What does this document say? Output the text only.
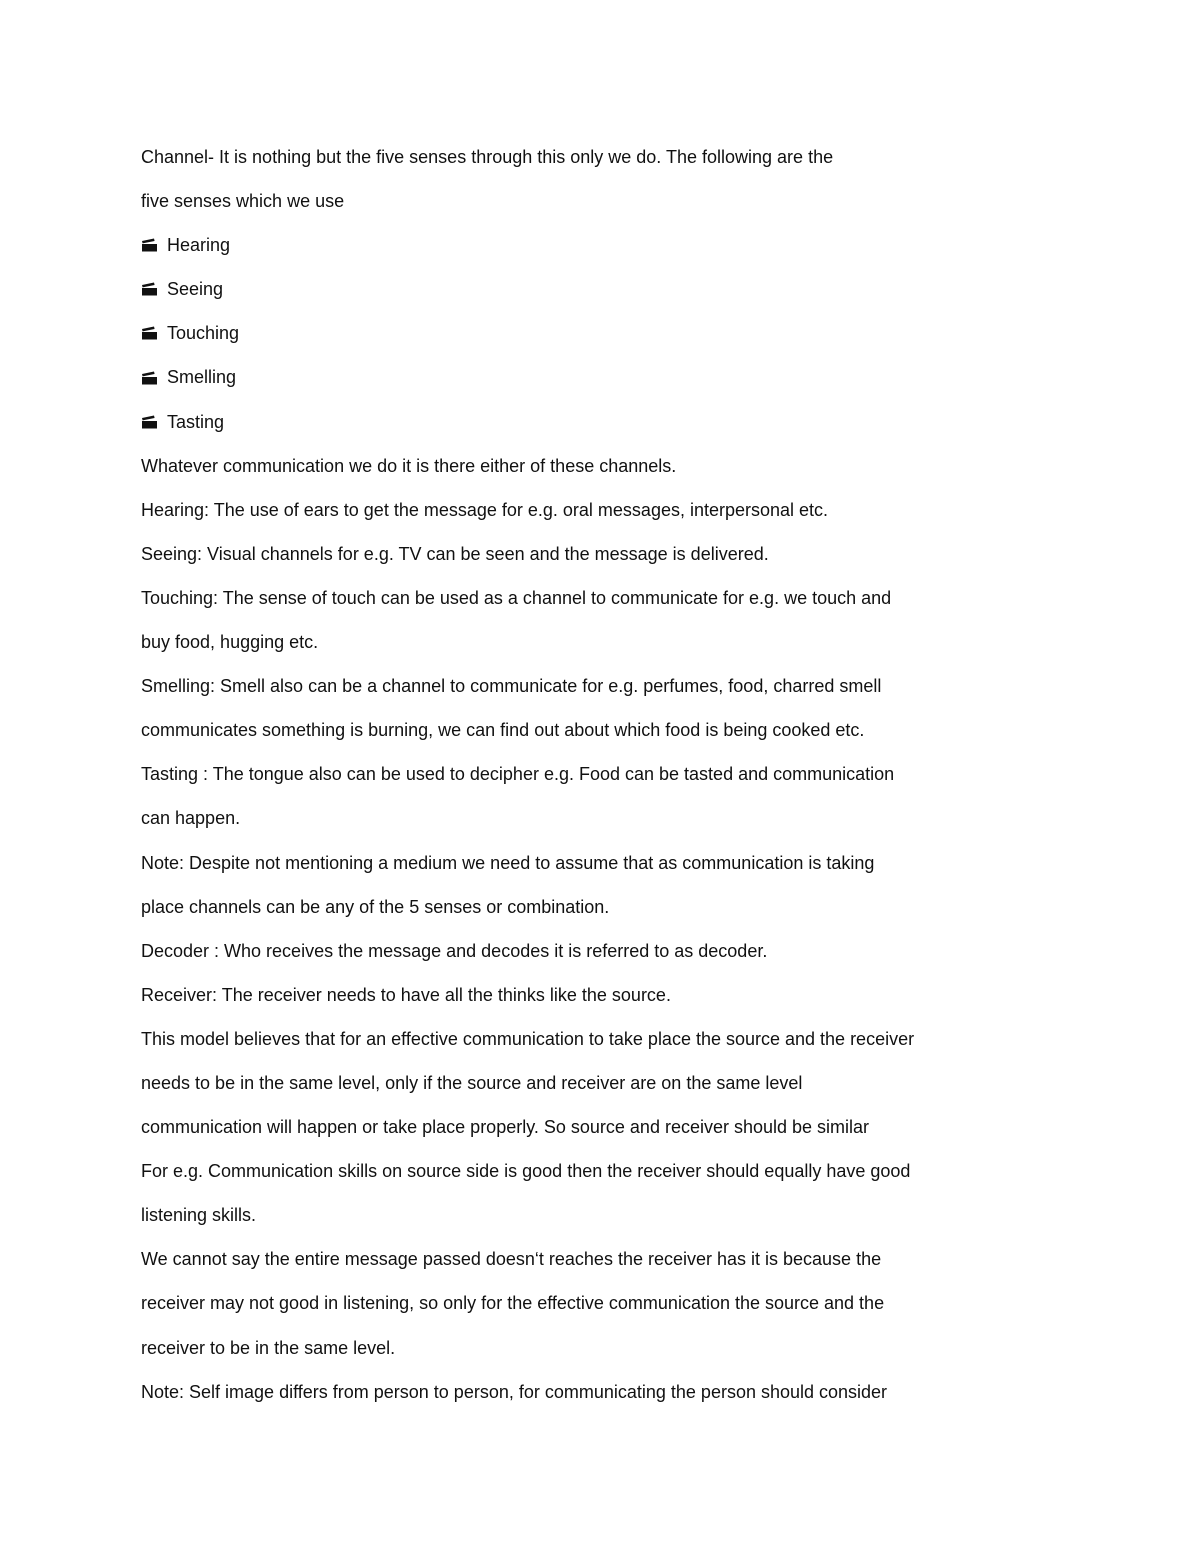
Channel- It is nothing but the five senses through this only we do. The following are the
five senses which we use
Hearing
Seeing
Touching
Smelling
Tasting
Whatever communication we do it is there either of these channels.
Hearing: The use of ears to get the message for e.g. oral messages, interpersonal etc.
Seeing: Visual channels for e.g. TV can be seen and the message is delivered.
Touching: The sense of touch can be used as a channel to communicate for e.g. we touch and
buy food, hugging etc.
Smelling: Smell also can be a channel to communicate for e.g. perfumes, food, charred smell
communicates something is burning, we can find out about which food is being cooked etc.
Tasting : The tongue also can be used to decipher e.g. Food can be tasted and communication
can happen.
Note: Despite not mentioning a medium we need to assume that as communication is taking
place channels can be any of the 5 senses or combination.
Decoder : Who receives the message and decodes it is referred to as decoder.
Receiver: The receiver needs to have all the thinks like the source.
This model believes that for an effective communication to take place the source and the receiver
needs to be in the same level, only if the source and receiver are on the same level
communication will happen or take place properly. So source and receiver should be similar
For e.g. Communication skills on source side is good then the receiver should equally have good
listening skills.
We cannot say the entire message passed doesn‘t reaches the receiver has it is because the
receiver may not good in listening, so only for the effective communication the source and the
receiver to be in the same level.
Note: Self image differs from person to person, for communicating the person should consider
